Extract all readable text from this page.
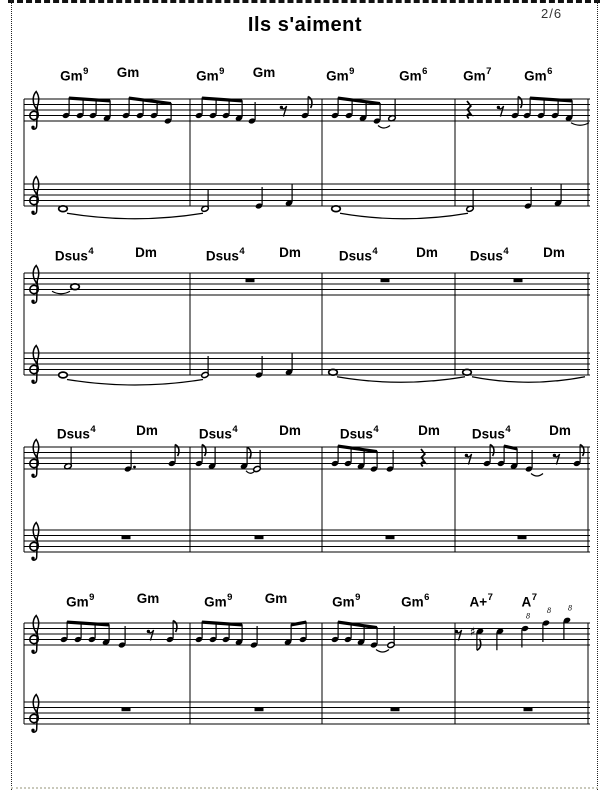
Ils s'aiment
2/6
♯
8
8 8
Gm$^9$ Gm	Gm$^9$ Gm	Gm$^9$	Gm$^6$	Gm$^7$ Gm$^6$
Dsus$^4$	Dm	Dsus$^4$	Dm	Dsus$^4$	Dm Dsus$^4$	Dm
Dsus$^4$	Dm	Dsus$^4$	Dm	Dsus$^4$	Dm Dsus$^4$	Dm
Gm$^9$	Gm	Gm$^9$ Gm	Gm$^9$	Gm$^6$	A+$^7$ $A^7$
